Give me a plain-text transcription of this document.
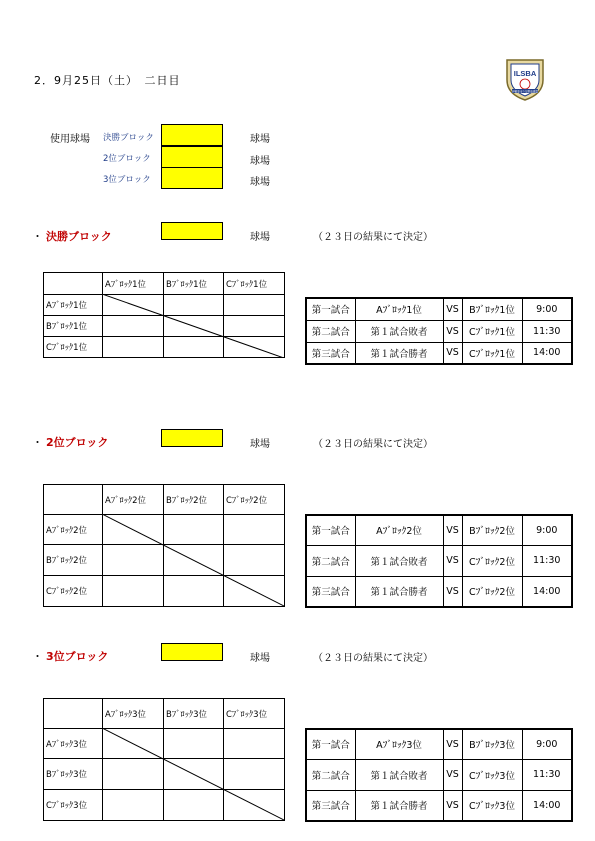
2．9月25日（土）　二日目
ILSBA
伊勢原市少年野球連盟
使用球場 決勝ブロック	球場
2位ブロック	球場
3位ブロック	球場
・ 決勝ブロック	球場	（２３日の結果にて決定）
	Aﾌﾞﾛｯｸ1位	Bﾌﾞﾛｯｸ1位	Cﾌﾞﾛｯｸ1位
Aﾌﾞﾛｯｸ1位			
Bﾌﾞﾛｯｸ1位			
Cﾌﾞﾛｯｸ1位			
第一試合	Aﾌﾞﾛｯｸ1位	VS	Bﾌﾞﾛｯｸ1位	9:00
第二試合	第１試合敗者	VS	Cﾌﾞﾛｯｸ1位	11:30
第三試合	第１試合勝者	VS	Cﾌﾞﾛｯｸ1位	14:00
・ 2位ブロック	球場	（２３日の結果にて決定）
	Aﾌﾞﾛｯｸ2位	Bﾌﾞﾛｯｸ2位	Cﾌﾞﾛｯｸ2位
Aﾌﾞﾛｯｸ2位			
Bﾌﾞﾛｯｸ2位			
Cﾌﾞﾛｯｸ2位			
第一試合	Aﾌﾞﾛｯｸ2位	VS	Bﾌﾞﾛｯｸ2位	9:00
第二試合	第１試合敗者	VS	Cﾌﾞﾛｯｸ2位	11:30
第三試合	第１試合勝者	VS	Cﾌﾞﾛｯｸ2位	14:00
・ 3位ブロック	球場	（２３日の結果にて決定）
	Aﾌﾞﾛｯｸ3位	Bﾌﾞﾛｯｸ3位	Cﾌﾞﾛｯｸ3位
Aﾌﾞﾛｯｸ3位			
Bﾌﾞﾛｯｸ3位			
Cﾌﾞﾛｯｸ3位			
第一試合	Aﾌﾞﾛｯｸ3位	VS	Bﾌﾞﾛｯｸ3位	9:00
第二試合	第１試合敗者	VS	Cﾌﾞﾛｯｸ3位	11:30
第三試合	第１試合勝者	VS	Cﾌﾞﾛｯｸ3位	14:00
